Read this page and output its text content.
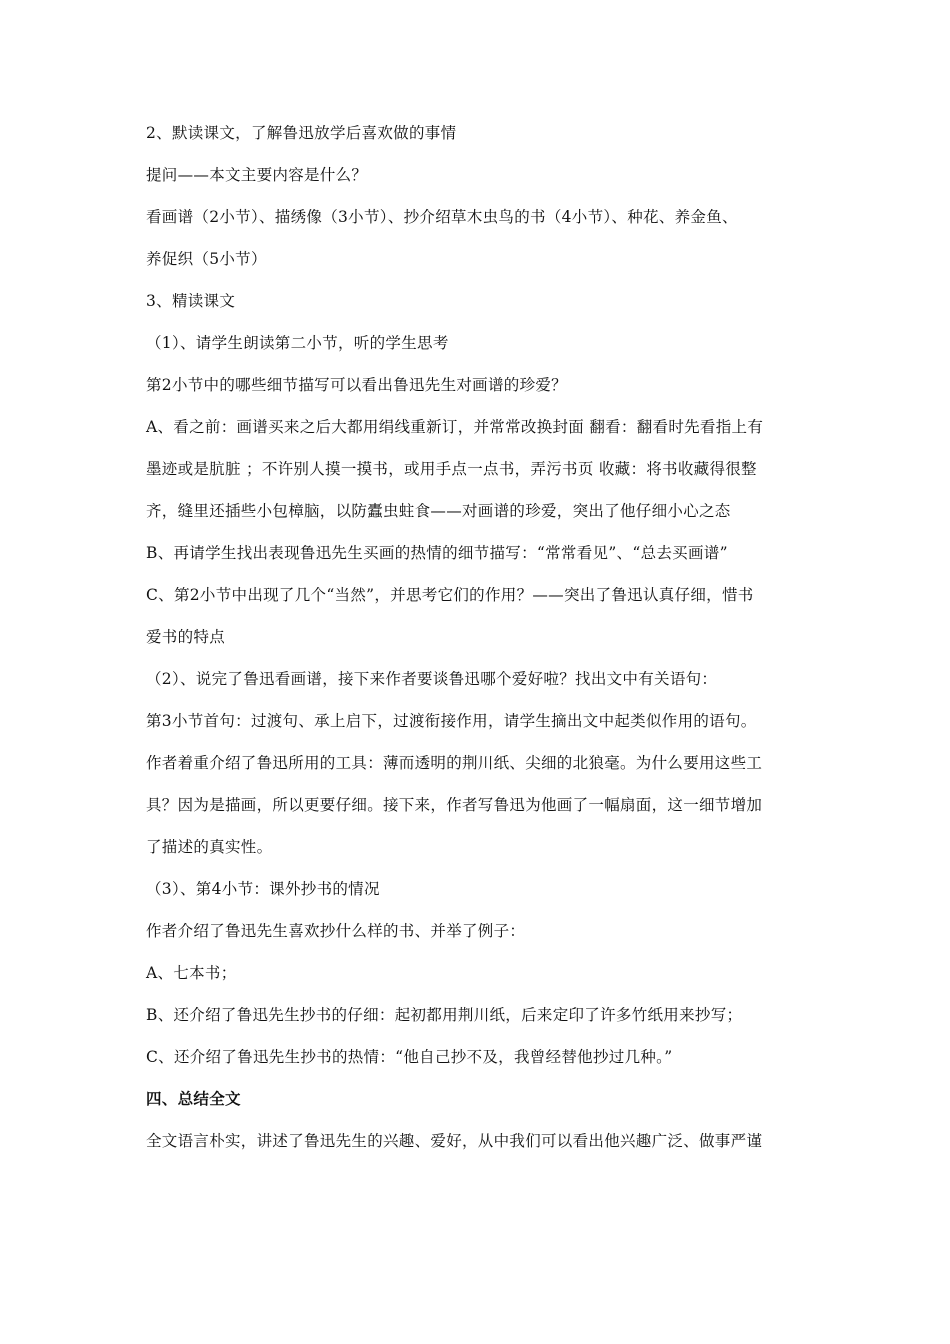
2、默读课文，了解鲁迅放学后喜欢做的事情
提问——本文主要内容是什么？
看画谱（2小节）、描绣像（3小节）、抄介绍草木虫鸟的书（4小节）、种花、养金鱼、
养促织（5小节）
3、精读课文
（1）、请学生朗读第二小节，听的学生思考
第2小节中的哪些细节描写可以看出鲁迅先生对画谱的珍爱？
A、看之前：画谱买来之后大都用绢线重新订，并常常改换封面 翻看：翻看时先看指上有
墨迹或是肮脏 ；不许别人摸一摸书，或用手点一点书，弄污书页 收藏：将书收藏得很整
齐，缝里还插些小包樟脑，以防蠹虫蛀食——对画谱的珍爱，突出了他仔细小心之态
B、再请学生找出表现鲁迅先生买画的热情的细节描写：“常常看见”、“总去买画谱”
C、第2小节中出现了几个“当然”，并思考它们的作用？——突出了鲁迅认真仔细，惜书
爱书的特点
（2）、说完了鲁迅看画谱，接下来作者要谈鲁迅哪个爱好啦？找出文中有关语句：
第3小节首句：过渡句、承上启下，过渡衔接作用，请学生摘出文中起类似作用的语句。
作者着重介绍了鲁迅所用的工具：薄而透明的荆川纸、尖细的北狼毫。为什么要用这些工
具？因为是描画，所以更要仔细。接下来，作者写鲁迅为他画了一幅扇面，这一细节增加
了描述的真实性。
（3）、第4小节：课外抄书的情况
作者介绍了鲁迅先生喜欢抄什么样的书、并举了例子：
A、七本书；
B、还介绍了鲁迅先生抄书的仔细：起初都用荆川纸，后来定印了许多竹纸用来抄写；
C、还介绍了鲁迅先生抄书的热情：“他自己抄不及，我曾经替他抄过几种。”
四、总结全文
全文语言朴实，讲述了鲁迅先生的兴趣、爱好，从中我们可以看出他兴趣广泛、做事严谨
